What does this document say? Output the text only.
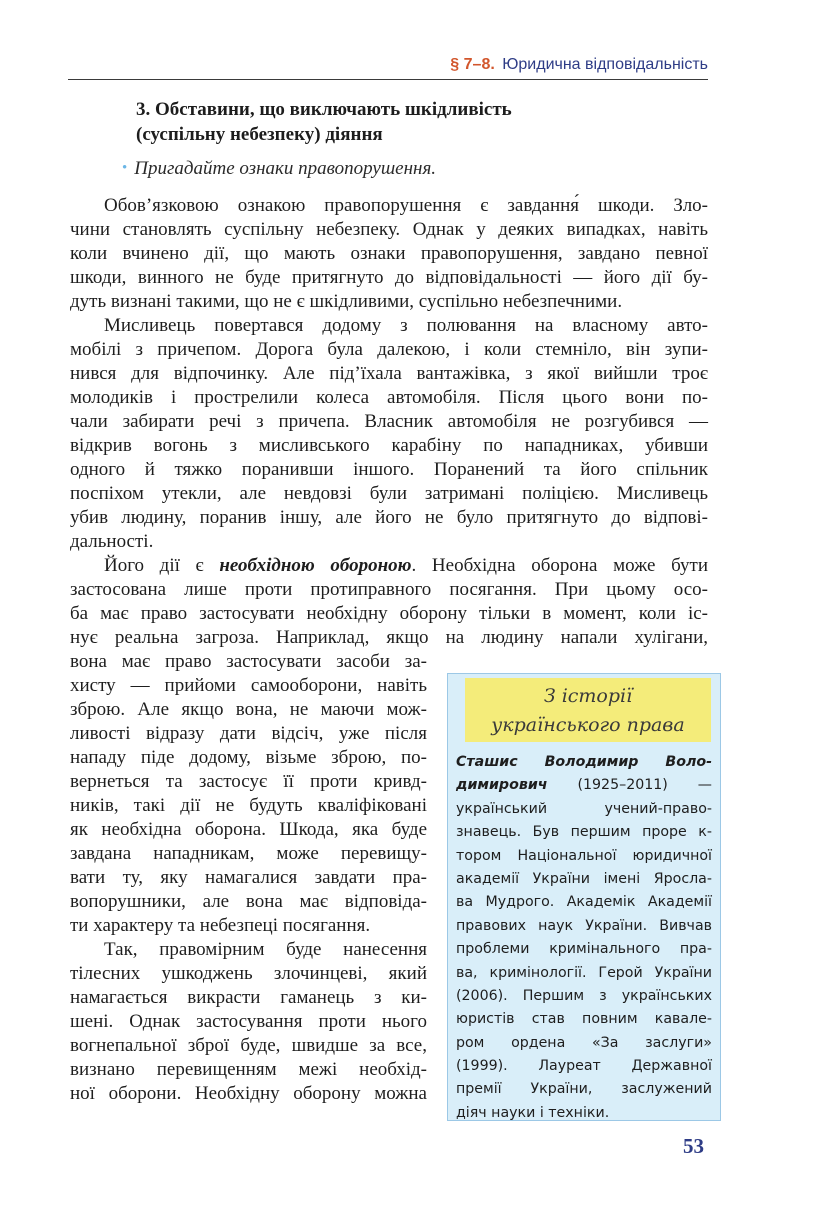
§ 7–8. Юридична відповідальність
3. Обставини, що виключають шкідливість
(суспільну небезпеку) діяння
• Пригадайте ознаки правопорушення.
Обов’язковою ознакою правопорушення є завдання́ шкоди. Зло-
чини становлять суспільну небезпеку. Однак у деяких випадках, навіть
коли вчинено дії, що мають ознаки правопорушення, завдано певної
шкоди, винного не буде притягнуто до відповідальності — його дії бу-
дуть визнані такими, що не є шкідливими, суспільно небезпечними.
Мисливець повертався додому з полювання на власному авто-
мобілі з причепом. Дорога була далекою, і коли стемніло, він зупи-
нився для відпочинку. Але під’їхала вантажівка, з якої вийшли троє
молодиків і прострелили колеса автомобіля. Після цього вони по-
чали забирати речі з причепа. Власник автомобіля не розгубився —
відкрив вогонь з мисливського карабіну по нападниках, убивши
одного й тяжко поранивши іншого. Поранений та його спільник
поспіхом утекли, але невдовзі були затримані поліцією. Мисливець
убив людину, поранив іншу, але його не було притягнуто до відпові-
дальності.
Його дії є необхідною обороною. Необхідна оборона може бути
застосована лише проти протиправного посягання. При цьому осо-
ба має право застосувати необхідну оборону тільки в момент, коли іс-
нує реальна загроза. Наприклад, якщо на людину напали хулігани,
вона має право застосувати засоби за-
хисту — прийоми самооборони, навіть
зброю. Але якщо вона, не маючи мож-
ливості відразу дати відсіч, уже після
нападу піде додому, візьме зброю, по-
вернеться та застосує її проти кривд-
ників, такі дії не будуть кваліфіковані
як необхідна оборона. Шкода, яка буде
завдана нападникам, може перевищу-
вати ту, яку намагалися завдати пра-
вопорушники, але вона має відповіда-
ти характеру та небезпеці посягання.
Так, правомірним буде нанесення
тілесних ушкоджень злочинцеві, який
намагається викрасти гаманець з ки-
шені. Однак застосування проти нього
вогнепальної зброї буде, швидше за все,
визнано перевищенням межі необхід-
ної оборони. Необхідну оборону можна
З історії
українського права
Сташис Володимир Воло-
димирович (1925–2011) —
український учений-право-
знавець. Був першим проре к-
тором Національної юридичної
академії України імені Яросла-
ва Мудрого. Академік Академії
правових наук України. Вивчав
проблеми кримінального пра-
ва, кримінології. Герой України
(2006). Першим з українських
юристів став повним кавале-
ром ордена «За заслуги»
(1999). Лауреат Державної
премії України, заслужений
діяч науки і техніки.
53
